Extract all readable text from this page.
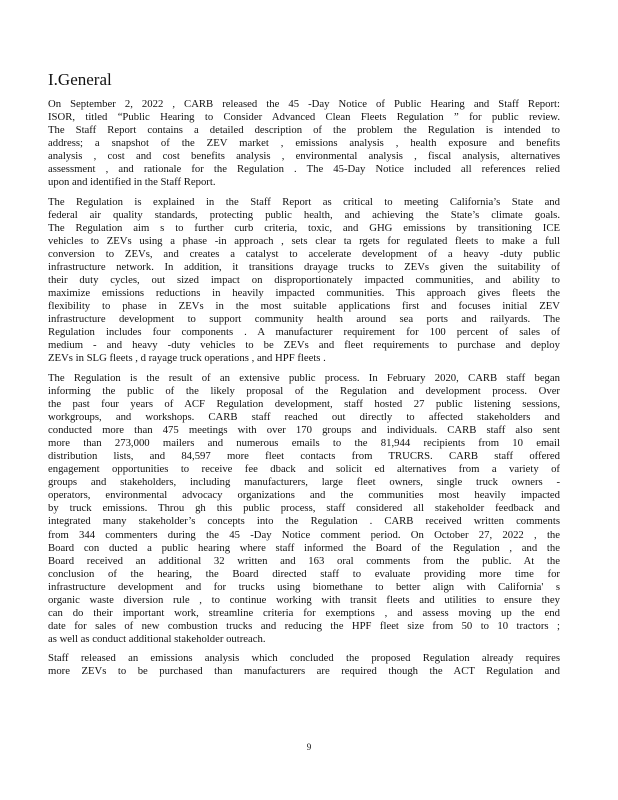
I.General
On September 2, 2022 , CARB released the 45 -Day Notice of Public Hearing and Staff Report:
ISOR, titled “Public Hearing to Consider Advanced Clean Fleets Regulation ” for public review.
The Staff Report contains a detailed description of the problem the Regulation is intended to
address; a snapshot of the ZEV market , emissions analysis , health exposure and benefits
analysis , cost and cost benefits analysis , environmental analysis , fiscal analysis, alternatives
assessment , and rationale for the Regulation . The 45-Day Notice included all references relied
upon and identified in the Staff Report.
The Regulation is explained in the Staff Report as critical to meeting California’s State and
federal air quality standards, protecting public health, and achieving the State’s climate goals.
The Regulation aim s to further curb criteria, toxic, and GHG emissions by transitioning ICE
vehicles to ZEVs using a phase -in approach , sets clear ta rgets for regulated fleets to make a full
conversion to ZEVs, and creates a catalyst to accelerate development of a heavy -duty public
infrastructure network. In addition, it transitions drayage trucks to ZEVs given the suitability of
their duty cycles, out sized impact on disproportionately impacted communities, and ability to
maximize emissions reductions in heavily impacted communities. This approach gives fleets the
flexibility to phase in ZEVs in the most suitable applications first and focuses initial ZEV
infrastructure development to support community health around sea ports and railyards. The
Regulation includes four components . A manufacturer requirement for 100 percent of sales of
medium - and heavy -duty vehicles to be ZEVs and fleet requirements to purchase and deploy
ZEVs in SLG fleets , d rayage truck operations , and HPF fleets .
The Regulation is the result of an extensive public process. In February 2020, CARB staff began
informing the public of the likely proposal of the Regulation and development process. Over
the past four years of ACF Regulation development, staff hosted 27 public listening sessions,
workgroups, and workshops. CARB staff reached out directly to affected stakeholders and
conducted more than 475 meetings with over 170 groups and individuals. CARB staff also sent
more than 273,000 mailers and numerous emails to the 81,944 recipients from 10 email
distribution lists, and 84,597 more fleet contacts from TRUCRS. CARB staff offered
engagement opportunities to receive fee dback and solicit ed alternatives from a variety of
groups and stakeholders, including manufacturers, large fleet owners, single truck owners -
operators, environmental advocacy organizations and the communities most heavily impacted
by truck emissions. Throu gh this public process, staff considered all stakeholder feedback and
integrated many stakeholder’s concepts into the Regulation . CARB received written comments
from 344 commenters during the 45 -Day Notice comment period. On October 27, 2022 , the
Board con ducted a public hearing where staff informed the Board of the Regulation , and the
Board received an additional 32 written and 163 oral comments from the public. At the
conclusion of the hearing, the Board directed staff to evaluate providing more time for
infrastructure development and for trucks using biomethane to better align with California' s
organic waste diversion rule , to continue working with transit fleets and utilities to ensure they
can do their important work, streamline criteria for exemptions , and assess moving up the end
date for sales of new combustion trucks and reducing the HPF fleet size from 50 to 10 tractors ;
as well as conduct additional stakeholder outreach.
Staff released an emissions analysis which concluded the proposed Regulation already requires
more ZEVs to be purchased than manufacturers are required though the ACT Regulation and
9
